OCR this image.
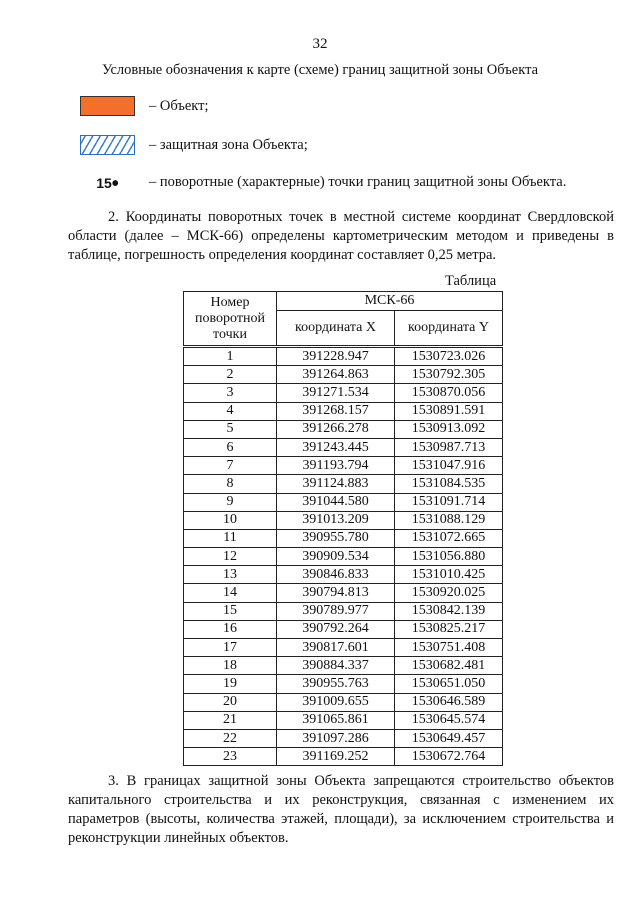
32
Условные обозначения к карте (схеме) границ защитной зоны Объекта
– Объект;
– защитная зона Объекта;
15•	– поворотные (характерные) точки границ защитной зоны Объекта.
2. Координаты поворотных точек в местной системе координат Свердловской области (далее – МСК-66) определены картометрическим методом и приведены в таблице, погрешность определения координат составляет 0,25 метра.
Таблица
Номер поворотной точки	МСК-66	
	координата X	координата Y
1	391228.947	1530723.026
2	391264.863	1530792.305
3	391271.534	1530870.056
4	391268.157	1530891.591
5	391266.278	1530913.092
6	391243.445	1530987.713
7	391193.794	1531047.916
8	391124.883	1531084.535
9	391044.580	1531091.714
10	391013.209	1531088.129
11	390955.780	1531072.665
12	390909.534	1531056.880
13	390846.833	1531010.425
14	390794.813	1530920.025
15	390789.977	1530842.139
16	390792.264	1530825.217
17	390817.601	1530751.408
18	390884.337	1530682.481
19	390955.763	1530651.050
20	391009.655	1530646.589
21	391065.861	1530645.574
22	391097.286	1530649.457
23	391169.252	1530672.764
3. В границах защитной зоны Объекта запрещаются строительство объектов капитального строительства и их реконструкция, связанная с изменением их параметров (высоты, количества этажей, площади), за исключением строительства и реконструкции линейных объектов.
